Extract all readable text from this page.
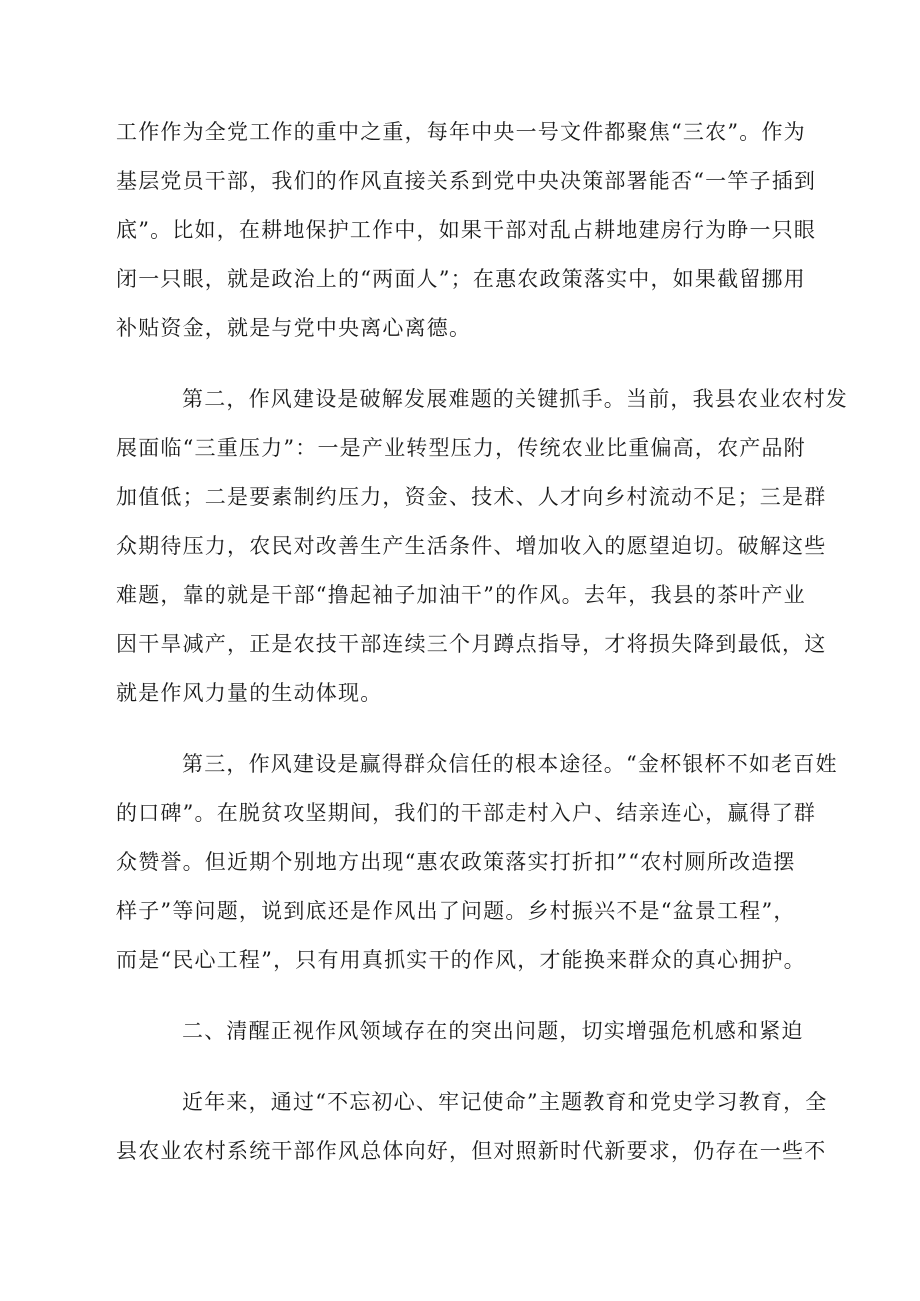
工作作为全党工作的重中之重，每年中央一号文件都聚焦“三农”。作为
基层党员干部，我们的作风直接关系到党中央决策部署能否“一竿子插到
底”。比如，在耕地保护工作中，如果干部对乱占耕地建房行为睁一只眼
闭一只眼，就是政治上的“两面人”；在惠农政策落实中，如果截留挪用
补贴资金，就是与党中央离心离德。
第二，作风建设是破解发展难题的关键抓手。当前，我县农业农村发
展面临“三重压力”：一是产业转型压力，传统农业比重偏高，农产品附
加值低；二是要素制约压力，资金、技术、人才向乡村流动不足；三是群
众期待压力，农民对改善生产生活条件、增加收入的愿望迫切。破解这些
难题，靠的就是干部“撸起袖子加油干”的作风。去年，我县的茶叶产业
因干旱减产，正是农技干部连续三个月蹲点指导，才将损失降到最低，这
就是作风力量的生动体现。
第三，作风建设是赢得群众信任的根本途径。“金杯银杯不如老百姓
的口碑”。在脱贫攻坚期间，我们的干部走村入户、结亲连心，赢得了群
众赞誉。但近期个别地方出现“惠农政策落实打折扣”“农村厕所改造摆
样子”等问题，说到底还是作风出了问题。乡村振兴不是“盆景工程”，
而是“民心工程”，只有用真抓实干的作风，才能换来群众的真心拥护。
二、清醒正视作风领域存在的突出问题，切实增强危机感和紧迫
近年来，通过“不忘初心、牢记使命”主题教育和党史学习教育，全
县农业农村系统干部作风总体向好，但对照新时代新要求，仍存在一些不
